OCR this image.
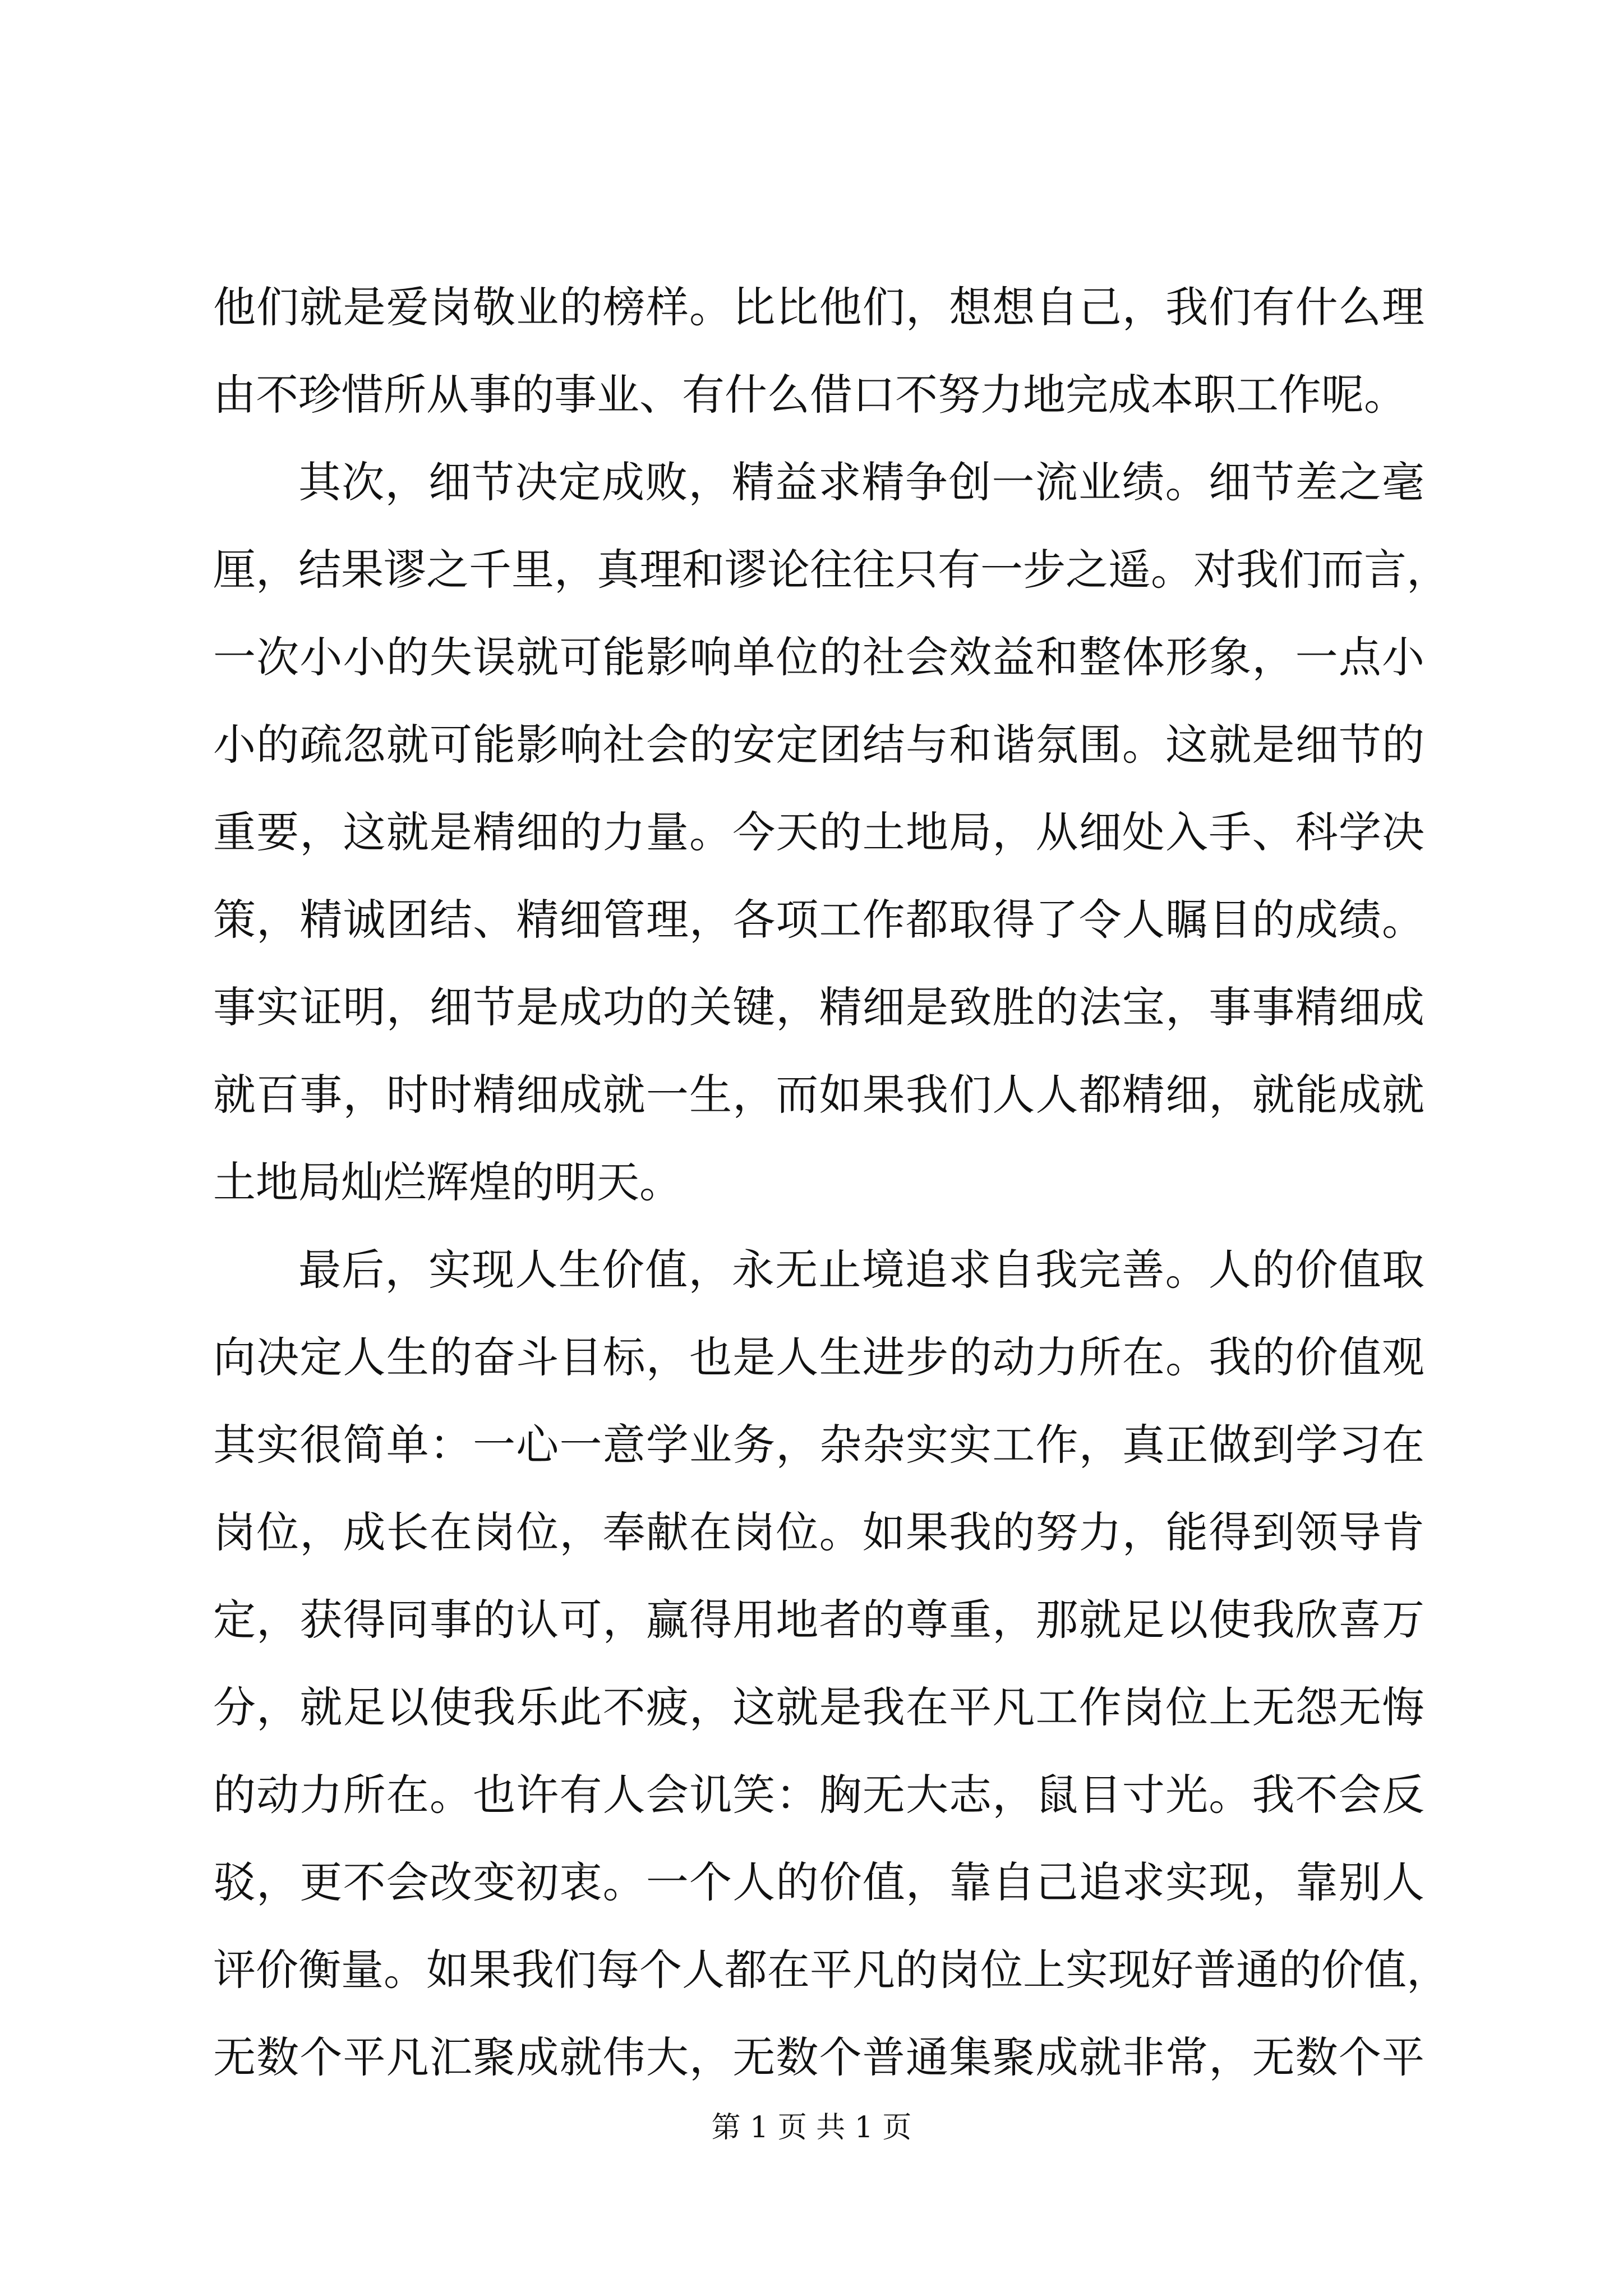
他们就是爱岗敬业的榜样。比比他们，想想自己，我们有什么理
由不珍惜所从事的事业、有什么借口不努力地完成本职工作呢。
其次，细节决定成败，精益求精争创一流业绩。细节差之毫
厘，结果谬之千里，真理和谬论往往只有一步之遥。对我们而言，
一次小小的失误就可能影响单位的社会效益和整体形象，一点小
小的疏忽就可能影响社会的安定团结与和谐氛围。这就是细节的
重要，这就是精细的力量。今天的土地局，从细处入手、科学决
策，精诚团结、精细管理，各项工作都取得了令人瞩目的成绩。
事实证明，细节是成功的关键，精细是致胜的法宝，事事精细成
就百事，时时精细成就一生，而如果我们人人都精细，就能成就
土地局灿烂辉煌的明天。
最后，实现人生价值，永无止境追求自我完善。人的价值取
向决定人生的奋斗目标，也是人生进步的动力所在。我的价值观
其实很简单：一心一意学业务，杂杂实实工作，真正做到学习在
岗位，成长在岗位，奉献在岗位。如果我的努力，能得到领导肯
定，获得同事的认可，赢得用地者的尊重，那就足以使我欣喜万
分，就足以使我乐此不疲，这就是我在平凡工作岗位上无怨无悔
的动力所在。也许有人会讥笑：胸无大志，鼠目寸光。我不会反
驳，更不会改变初衷。一个人的价值，靠自己追求实现，靠别人
评价衡量。如果我们每个人都在平凡的岗位上实现好普通的价值，
无数个平凡汇聚成就伟大，无数个普通集聚成就非常，无数个平
第 1 页 共 1 页
